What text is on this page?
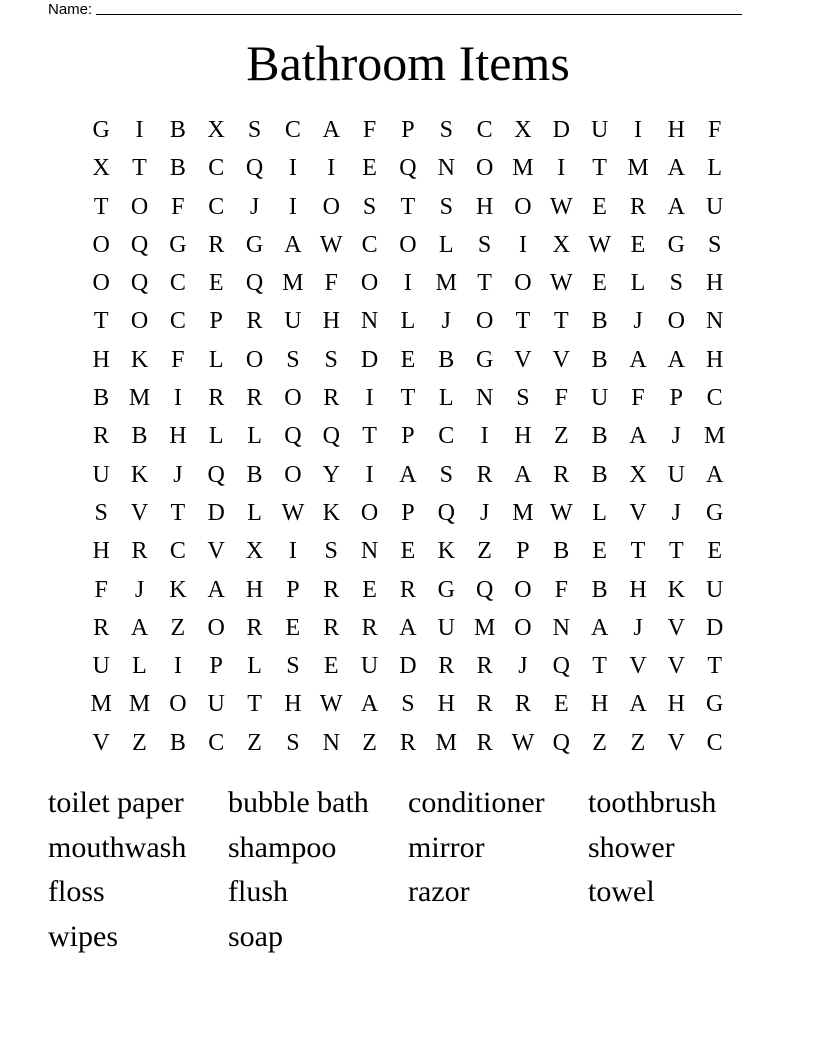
Name:
Bathroom Items
G	I	B X S C A F	P	S C X D U	I	H F
X T B C Q	I	I	E Q N O M I	T M A L
T O F C	J	I	O S	T	S H O W E R A U
O Q G R G A W C O L	S	I	X W E G S
O Q C E Q M F O	I M T O W E L	S H
T O C P R U H N L	J	O T T B	J	O N
H K F	L O S	S D E B G V V B A A H
B M I	R R O R	I	T L N S	F U F	P C
R B H L L Q Q T	P C	I	H Z B A	J M
U K	J	Q B O Y	I	A S R A R B X U A
S V T D L W K O P Q	J M W L V	J	G
H R C V X	I	S N E K Z	P B E T T E
F	J	K A H P R E R G Q O F B H K U
R A Z O R E R R A U M O N A	J	V D
U L	I	P	L	S	E U D R R	J	Q T V V T
M M O U T H W A S H R R E H A H G
V Z B C Z	S N Z R M R W Q Z Z V C
toilet paper	bubble bath	conditioner	toothbrush
mouthwash	shampoo	mirror	shower
floss	flush	razor	towel
wipes	soap
